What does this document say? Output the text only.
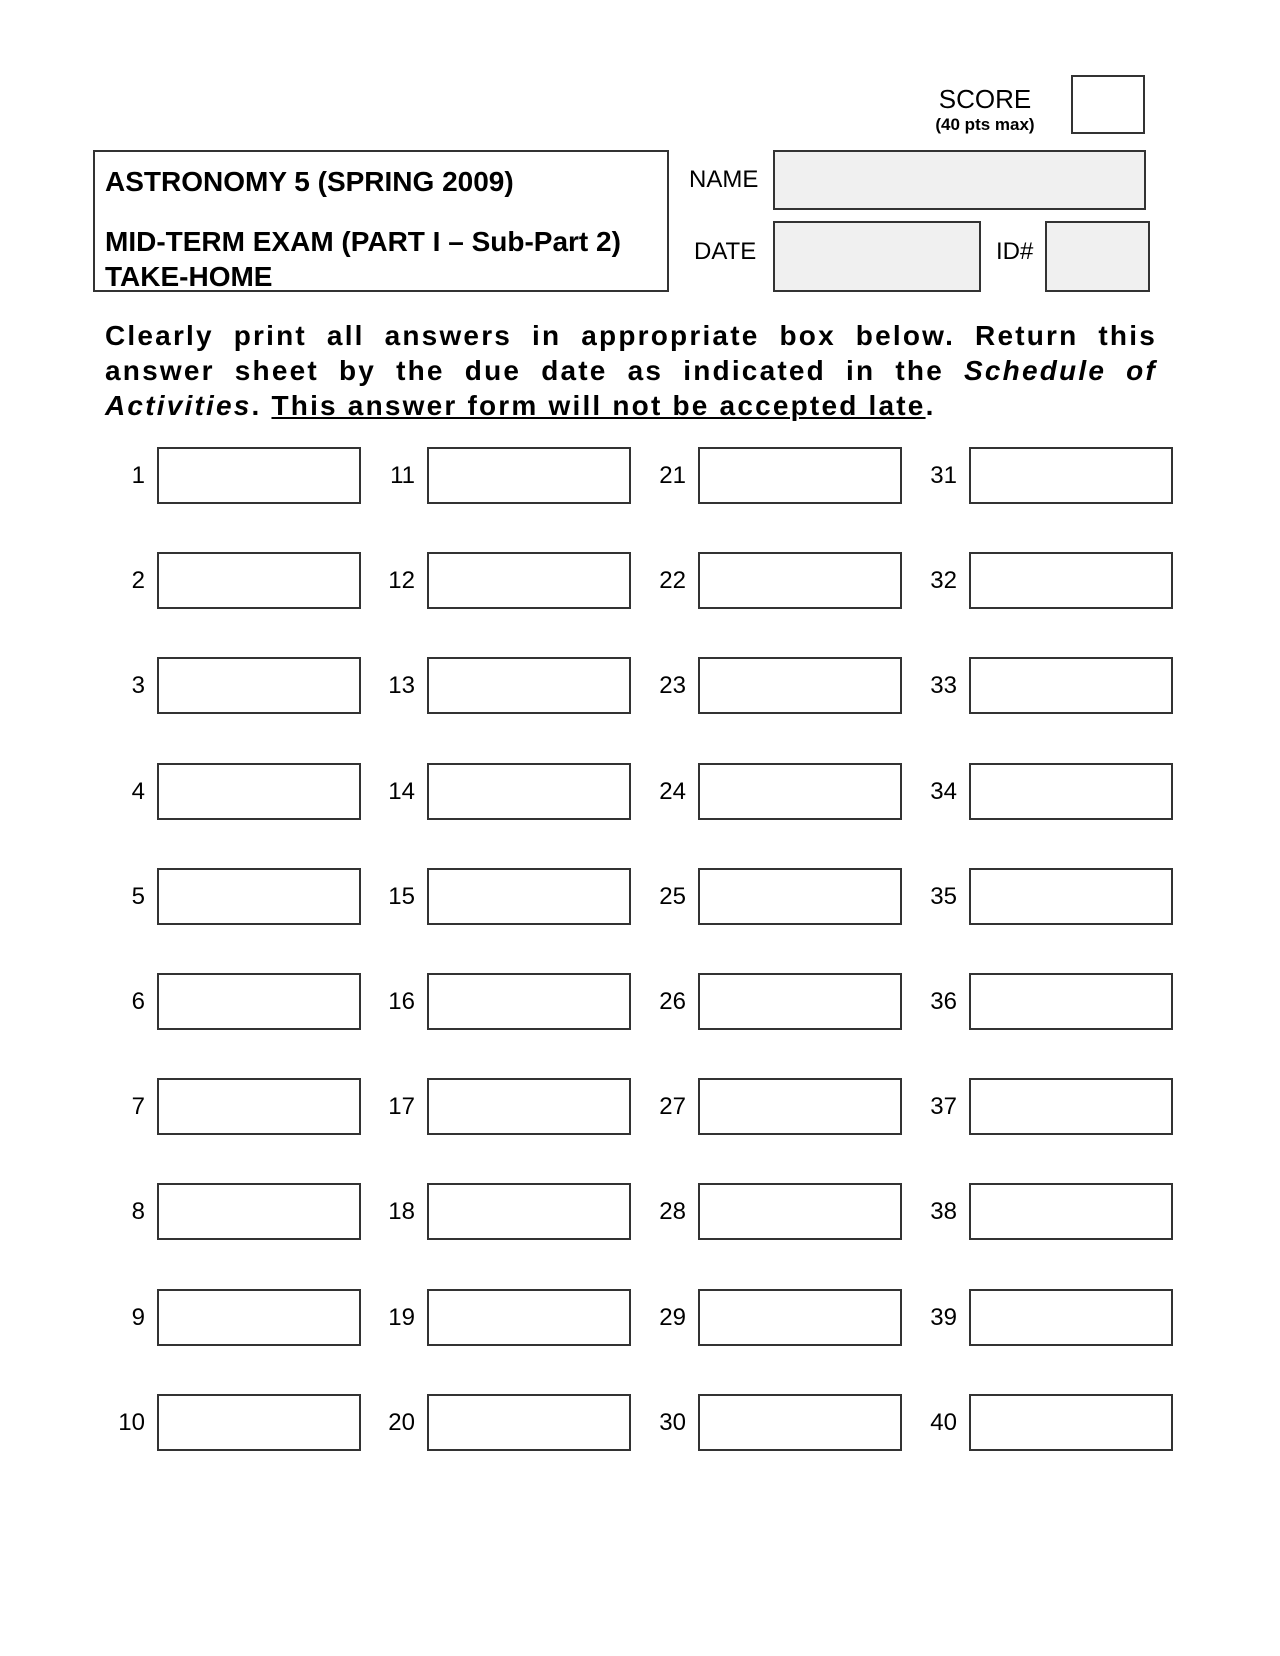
SCORE
(40 pts max)
ASTRONOMY 5 (SPRING 2009)
MID-TERM EXAM (PART I – Sub-Part 2)
TAKE-HOME
NAME
DATE	ID#
Clearly print all answers in appropriate box below. Return this answer sheet by the due date as indicated in the Schedule of Activities. This answer form will not be accepted late.
1
2
3
4
5
6
7
8
9
10
11
12
13
14
15
16
17
18
19
20
21
22
23
24
25
26
27
28
29
30
31
32
33
34
35
36
37
38
39
40
